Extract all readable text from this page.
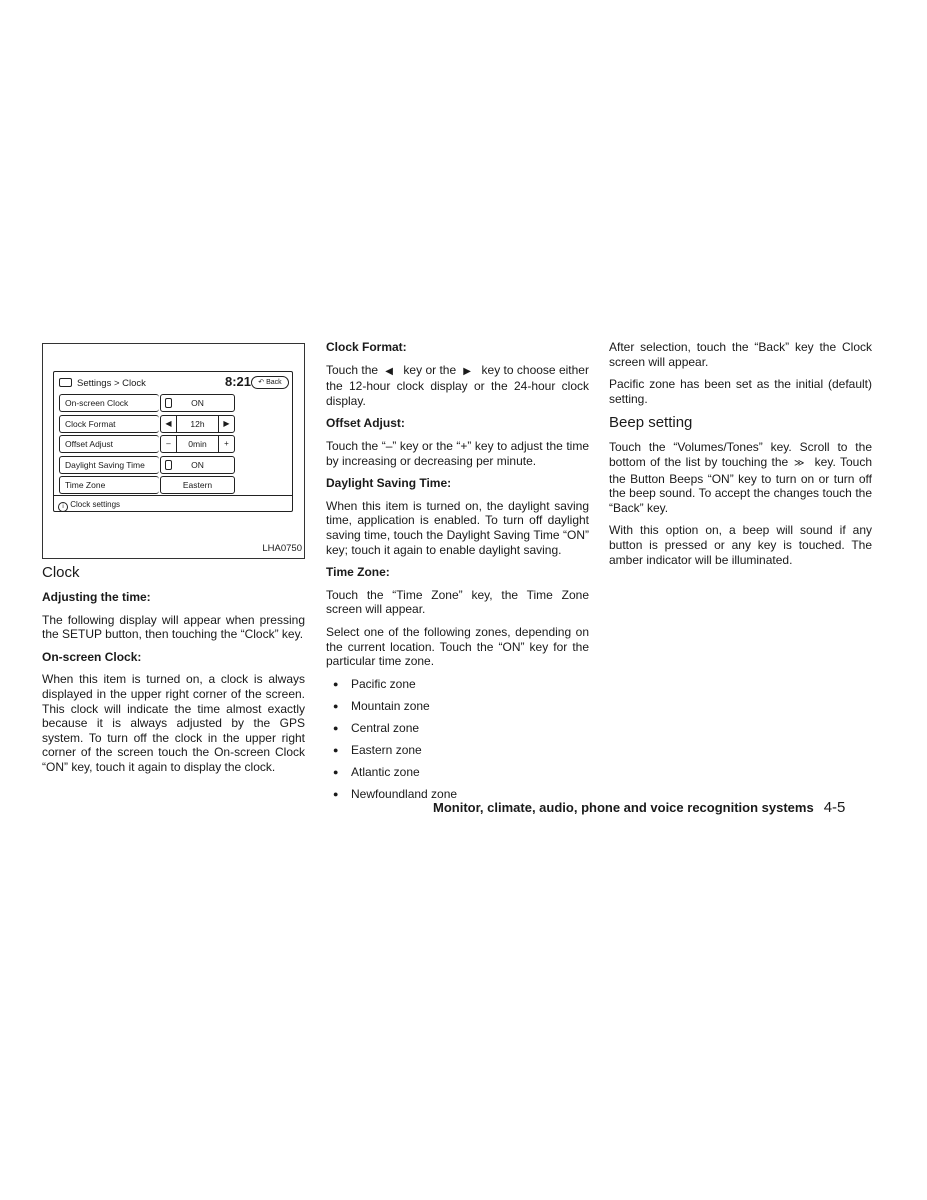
Settings > Clock	8:21	↶ Back
On-screen Clock	ON
Clock Format	◀	12h	▶
Offset Adjust	–	0min	+
Daylight Saving Time	ON
Time Zone	Eastern
i Clock settings
LHA0750
Clock
Adjusting the time:

The following display will appear when pressing the SETUP button, then touching the “Clock” key.

On-screen Clock:

When this item is turned on, a clock is always displayed in the upper right corner of the screen. This clock will indicate the time almost exactly because it is always adjusted by the GPS system. To turn off the clock in the upper right corner of the screen touch the On-screen Clock “ON” key, touch it again to display the clock.

Clock Format:

Touch the ◀ key or the ▶ key to choose either the 12-hour clock display or the 24-hour clock display.

Offset Adjust:

Touch the “–” key or the “+” key to adjust the time by increasing or decreasing per minute.

Daylight Saving Time:

When this item is turned on, the daylight saving time, application is enabled. To turn off daylight saving time, touch the Daylight Saving Time “ON” key; touch it again to enable daylight saving.

Time Zone:

Touch the “Time Zone” key, the Time Zone screen will appear.

Select one of the following zones, depending on the current location. Touch the “ON” key for the particular time zone.

● Pacific zone
● Mountain zone
● Central zone
● Eastern zone
● Atlantic zone
● Newfoundland zone

After selection, touch the “Back” key the Clock screen will appear.

Pacific zone has been set as the initial (default) setting.

Beep setting

Touch the “Volumes/Tones” key. Scroll to the bottom of the list by touching the ≫ key. Touch the Button Beeps “ON” key to turn on or turn off the beep sound. To accept the changes touch the “Back” key.

With this option on, a beep will sound if any button is pressed or any key is touched. The amber indicator will be illuminated.

Monitor, climate, audio, phone and voice recognition systems 4-5
